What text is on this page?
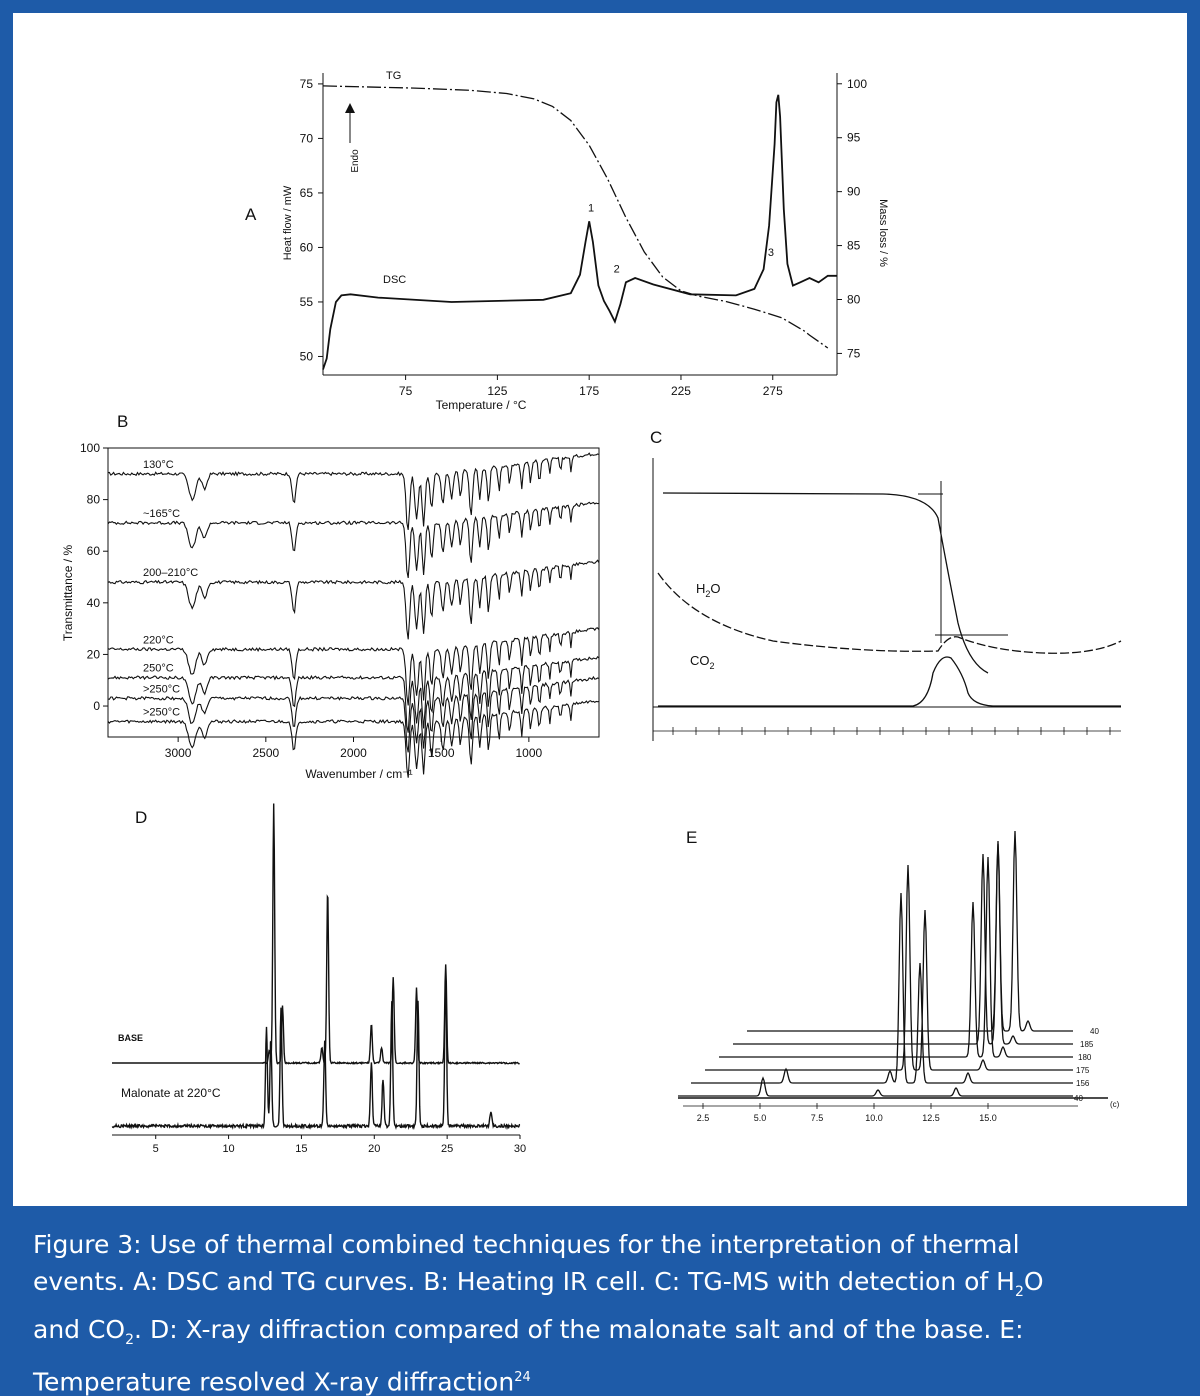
A
Temperature / °C
Heat flow / mW	Mass loss / %
Endo
TG
DSC
75	125	175	225	275
50
55
60
65
70
75
75
80
85
90
95
100
1
2
3
B
Wavenumber / cm⁻¹
Transmittance / %
3000	2500	2000	1500	1000
0
20
40
60
80
100
130°C
~165°C
200–210°C
220°C
250°C
>250°C
>250°C
C
$H_2O$
$CO_2$
D
BASE
Malonate at 220°C
5	10	15	20	25	30
E
(c)
2.5	5.0	7.5	10.0	12.5	15.0
40
156
175
180
185
40
Figure 3: Use of thermal combined techniques for the interpretation of thermal
events. A: DSC and TG curves. B: Heating IR cell. C: TG-MS with detection of $H_2O$
and $CO_2$. D: X-ray diffraction compared of the malonate salt and of the base. E:
Temperature resolved X-ray diffraction$^{24}$
